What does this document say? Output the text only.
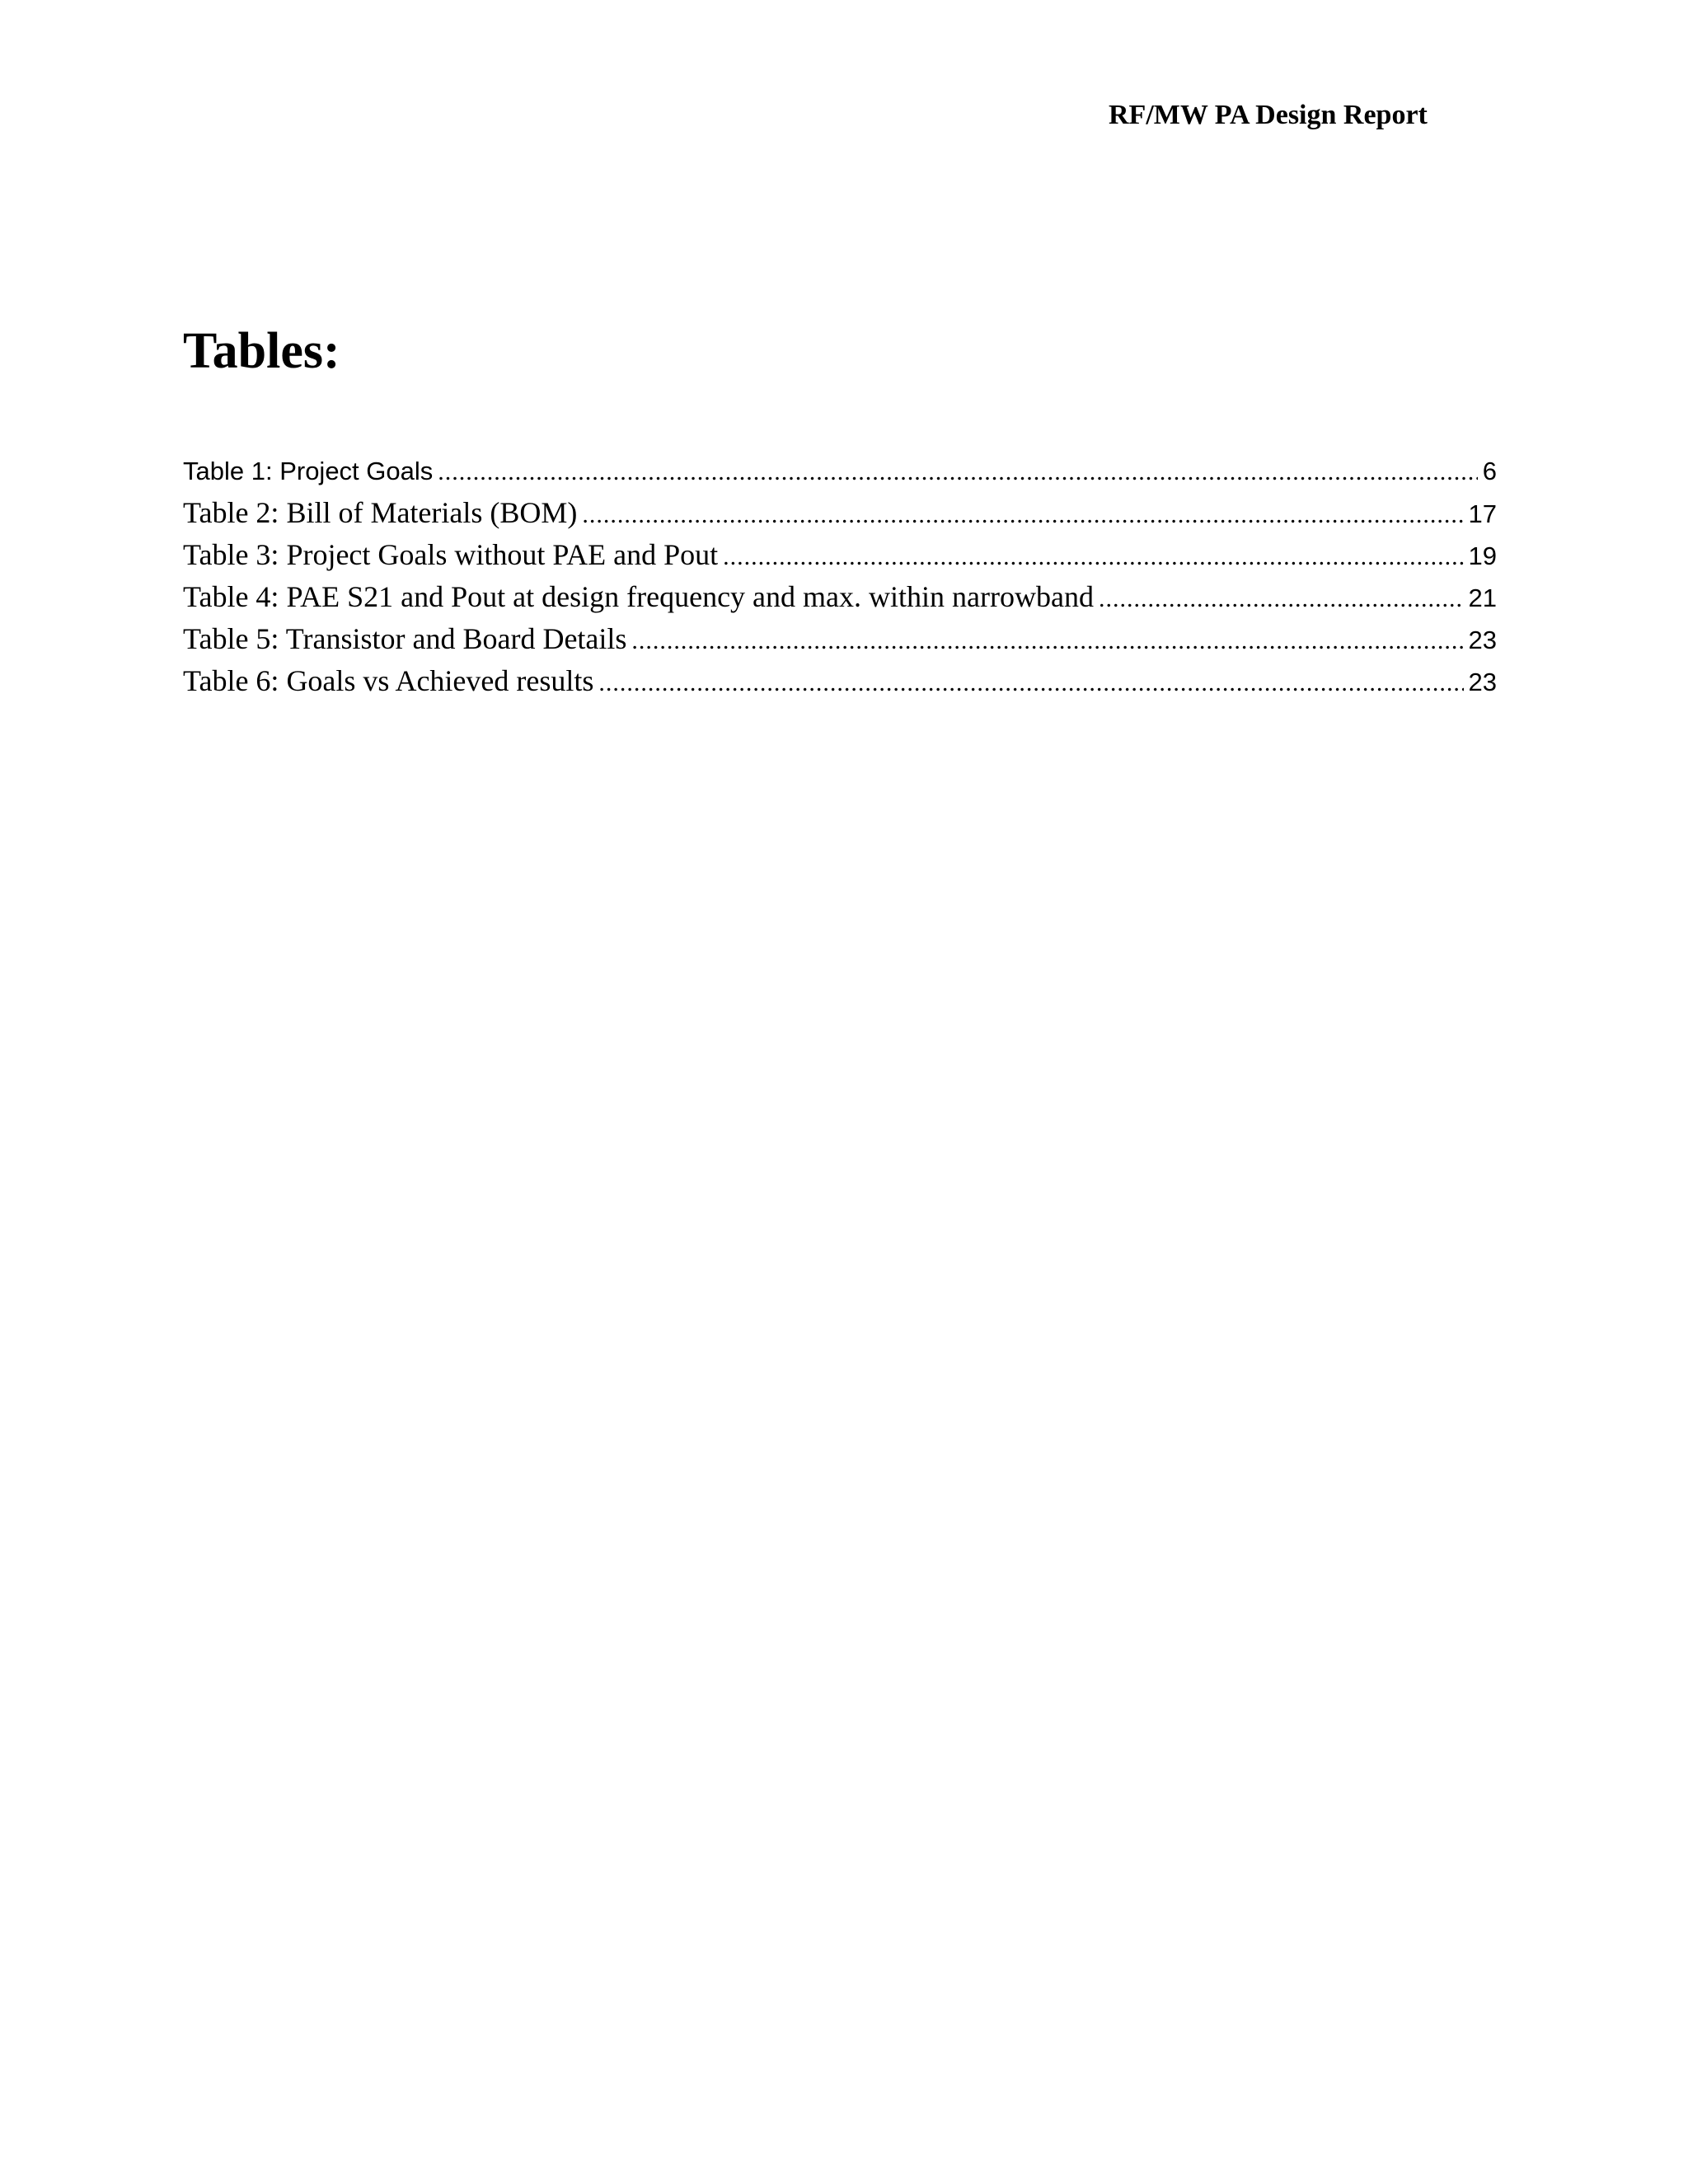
RF/MW PA Design Report
Tables:
Table 1: Project Goals .....	6
Table 2: Bill of Materials (BOM) .....	17
Table 3: Project Goals without PAE and Pout .....	19
Table 4: PAE S21 and Pout at design frequency and max. within narrowband .....	21
Table 5: Transistor and Board Details .....	23
Table 6: Goals vs Achieved results .....	23
